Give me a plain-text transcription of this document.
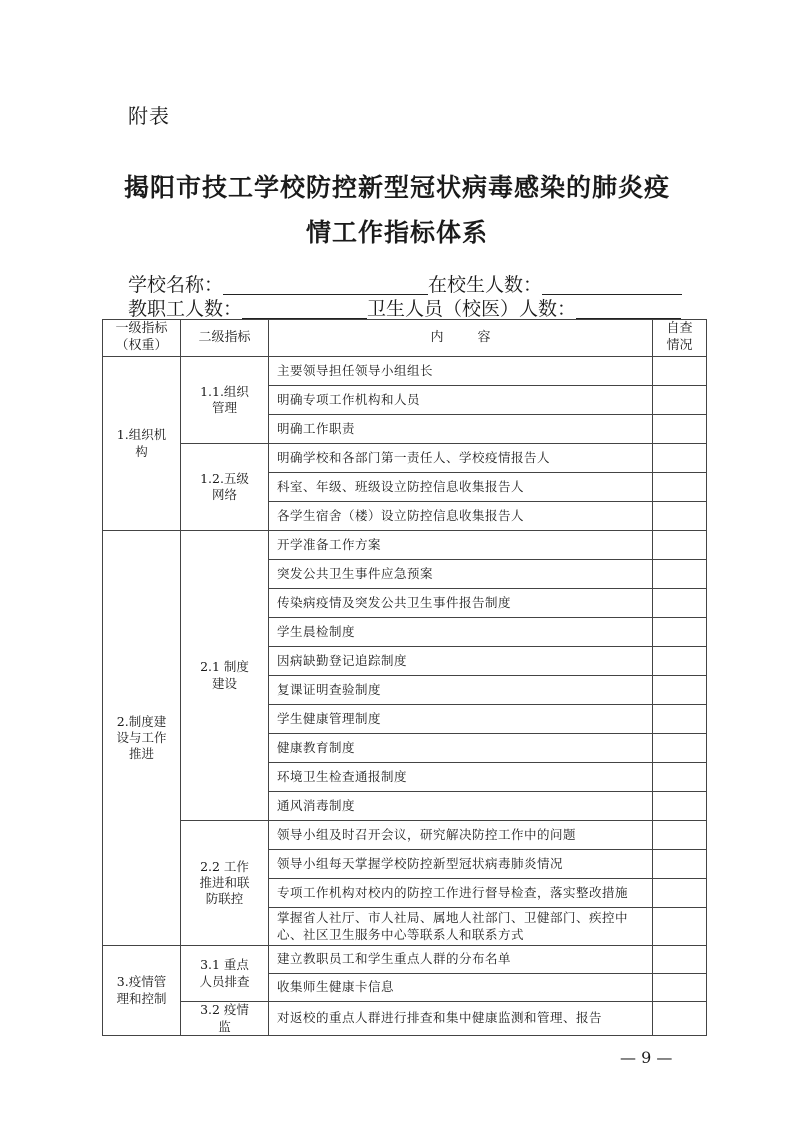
附表
揭阳市技工学校防控新型冠状病毒感染的肺炎疫
情工作指标体系
学校名称：	在校生人数：
教职工人数：	卫生人员（校医）人数：
一级指标（权重）	二级指标	内容	自查情况
1.组织机构	1.1.组织管理	主要领导担任领导小组组长	
		明确专项工作机构和人员	
		明确工作职责	
	1.2.五级网络	明确学校和各部门第一责任人、学校疫情报告人	
		科室、年级、班级设立防控信息收集报告人	
		各学生宿舍（楼）设立防控信息收集报告人	
2.制度建设与工作推进	2.1 制度建设	开学准备工作方案	
		突发公共卫生事件应急预案	
		传染病疫情及突发公共卫生事件报告制度	
		学生晨检制度	
		因病缺勤登记追踪制度	
		复课证明查验制度	
		学生健康管理制度	
		健康教育制度	
		环境卫生检查通报制度	
		通风消毒制度	
	2.2 工作推进和联防联控	领导小组及时召开会议，研究解决防控工作中的问题	
		领导小组每天掌握学校防控新型冠状病毒肺炎情况	
		专项工作机构对校内的防控工作进行督导检查，落实整改措施	
		掌握省人社厅、市人社局、属地人社部门、卫健部门、疾控中心、社区卫生服务中心等联系人和联系方式	
3.疫情管理和控制	3.1 重点人员排查	建立教职员工和学生重点人群的分布名单	
		收集师生健康卡信息	
	3.2 疫情监	对返校的重点人群进行排查和集中健康监测和管理、报告	
— 9 —
